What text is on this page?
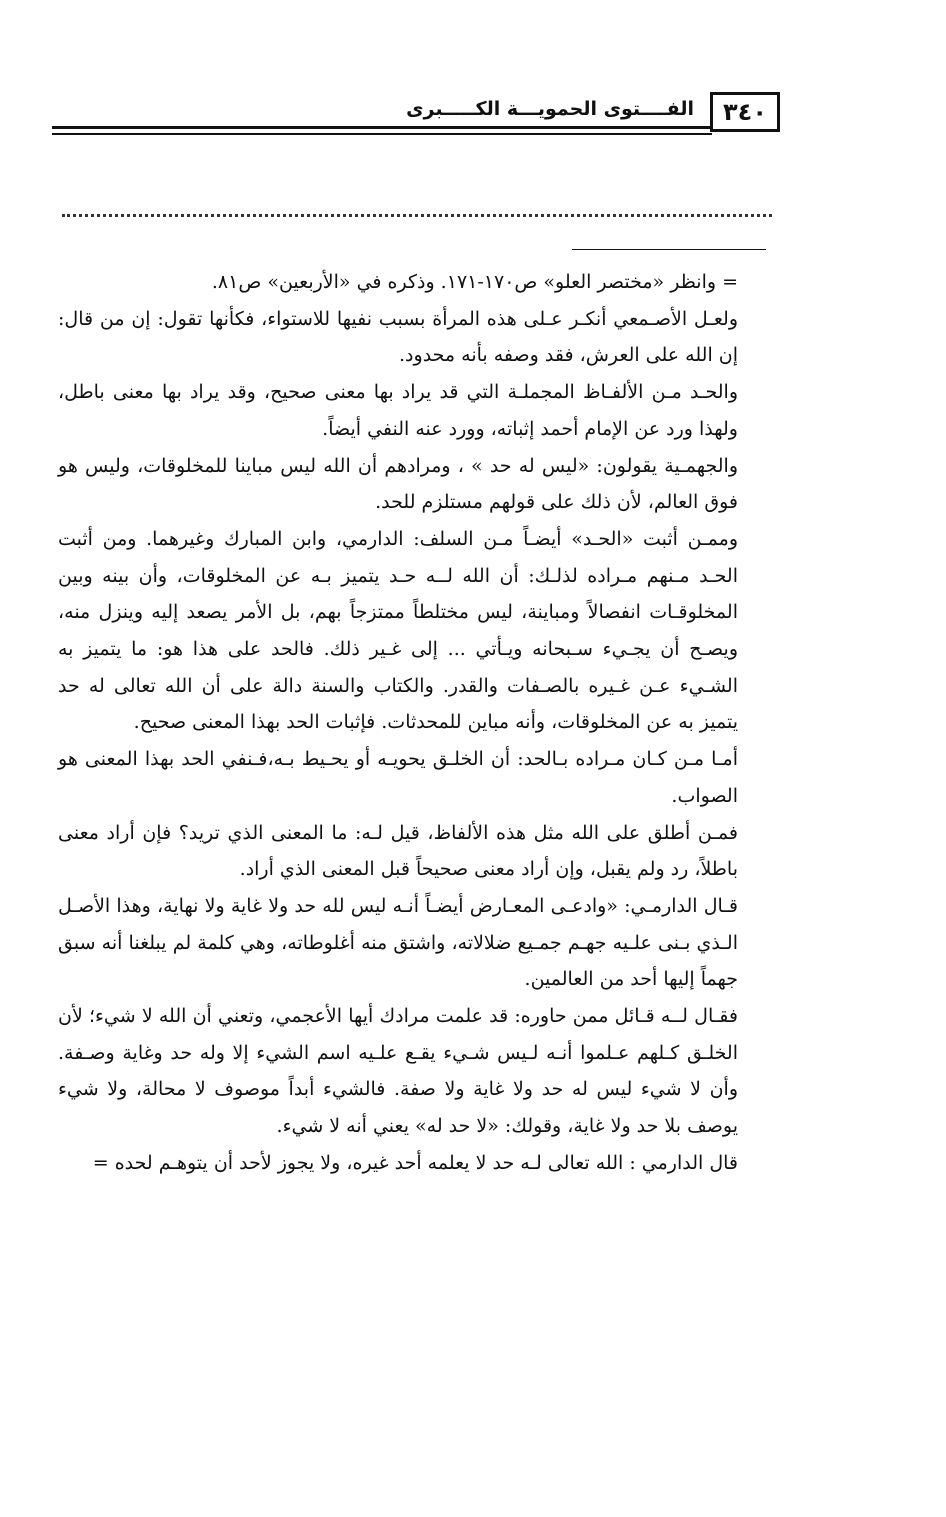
٣٤٠
الفــــتوى الحمويـــة الكـــــبرى

= وانظر «مختصر العلو» ص١٧٠-١٧١. وذكره في «الأربعين» ص٨١.

ولعـل الأصـمعي أنكـر عـلى هذه المرأة بسبب نفيها للاستواء، فكأنها تقول: إن من قال: إن الله على العرش، فقد وصفه بأنه محدود.

والحـد مـن الألفـاظ المجملـة التي قد يراد بها معنى صحيح، وقد يراد بها معنى باطل، ولهذا ورد عن الإمام أحمد إثباته، وورد عنه النفي أيضاً.

والجهمـية يقولون: «ليس له حد » ، ومرادهم أن الله ليس مباينا للمخلوقات، وليس هو فوق العالم، لأن ذلك على قولهم مستلزم للحد.

وممـن أثبت «الحـد» أيضـاً مـن السلف: الدارمي، وابن المبارك وغيرهما. ومن أثبت الحـد مـنهم مـراده لذلـك: أن الله لــه حـد يتميز بـه عن المخلوقات، وأن بينه وبين المخلوقـات انفصالاً ومباينة، ليس مختلطاً ممتزجاً بهم، بل الأمر يصعد إليه وينزل منه، ويصـح أن يجـيء سـبحانه ويـأتي ... إلى غـير ذلك. فالحد على هذا هو: ما يتميز به الشـيء عـن غـيره بالصـفات والقدر. والكتاب والسنة دالة على أن الله تعالى له حد يتميز به عن المخلوقات، وأنه مباين للمحدثات. فإثبات الحد بهذا المعنى صحيح.

أمـا مـن كـان مـراده بـالحد: أن الخلـق يحويـه أو يحـيط بـه،فـنفي الحد بهذا المعنى هو الصواب.

فمـن أطلق على الله مثل هذه الألفاظ، قيل لـه: ما المعنى الذي تريد؟ فإن أراد معنى باطلاً، رد ولم يقبل، وإن أراد معنى صحيحاً قبل المعنى الذي أراد.

قـال الدارمـي: «وادعـى المعـارض أيضـاً أنـه ليس لله حد ولا غاية ولا نهاية، وهذا الأصـل الـذي بـنى علـيه جهـم جمـيع ضلالاته، واشتق منه أغلوطاته، وهي كلمة لم يبلغنا أنه سبق جهماً إليها أحد من العالمين.

فقـال لــه قـائل ممن حاوره: قد علمت مرادك أيها الأعجمي، وتعني أن الله لا شيء؛ لأن الخلـق كـلهم عـلموا أنـه لـيس شـيء يقـع علـيه اسم الشيء إلا وله حد وغاية وصـفة. وأن لا شيء ليس له حد ولا غاية ولا صفة. فالشيء أبداً موصوف لا محالة، ولا شيء يوصف بلا حد ولا غاية، وقولك: «لا حد له» يعني أنه لا شيء.

قال الدارمي : الله تعالى لـه حد لا يعلمه أحد غيره، ولا يجوز لأحد أن يتوهـم لحده =
